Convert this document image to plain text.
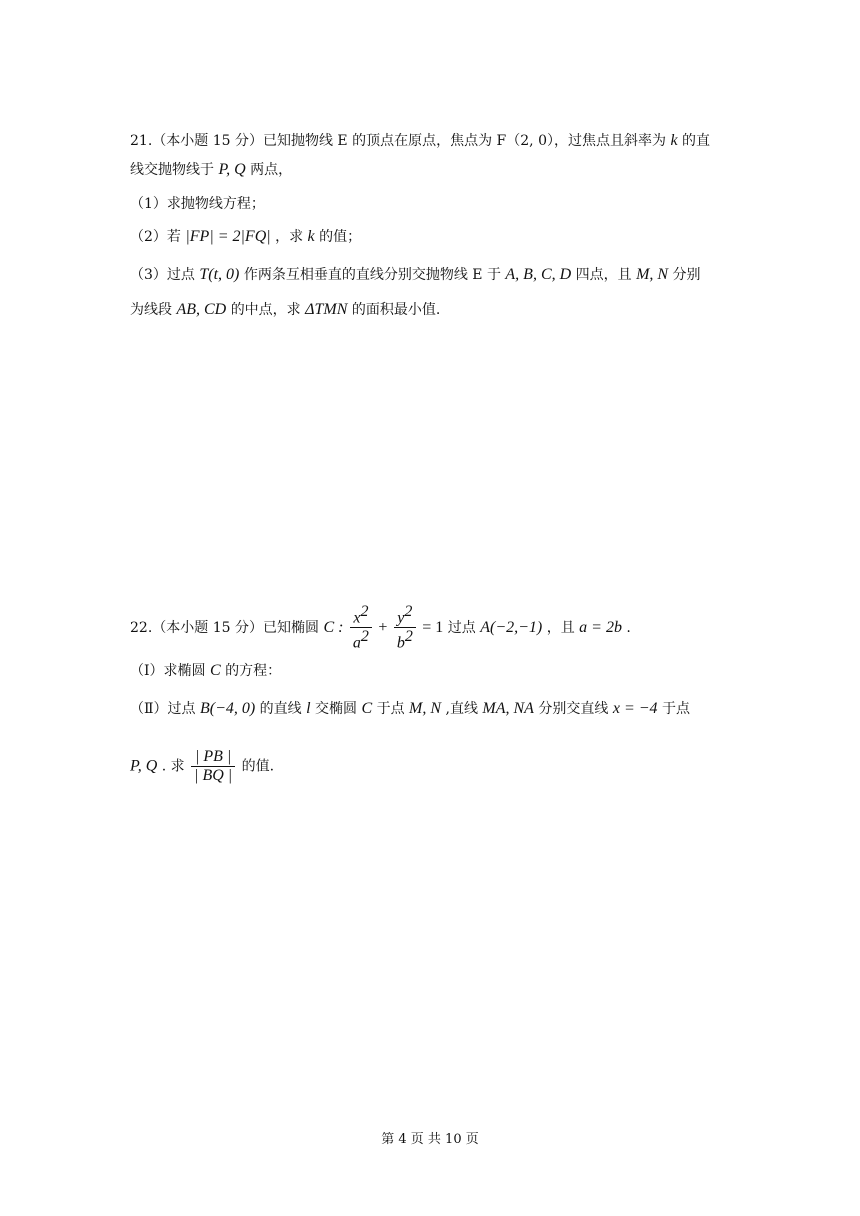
21.（本小题 15 分）已知抛物线 E 的顶点在原点，焦点为 F（2, 0），过焦点且斜率为 k 的直
线交抛物线于 P, Q 两点，
（1）求抛物线方程；
（2）若 |FP| = 2|FQ| ，求 k 的值；
（3）过点 T(t, 0) 作两条互相垂直的直线分别交抛物线 E 于 A, B, C, D 四点，且 M, N 分别
为线段 AB, CD 的中点，求 ΔTMN 的面积最小值.
22.（本小题 15 分）已知椭圆 C : $\frac{x^2}{a^2} + \frac{y^2}{b^2} = 1$ 过点 A(−2,−1) ，且 a = 2b .
（Ⅰ）求椭圆 C 的方程：
（Ⅱ）过点 B(−4, 0) 的直线 l 交椭圆 C 于点 M, N ,直线 MA, NA 分别交直线 x = −4 于点
P, Q . 求 $\frac{| PB |}{| BQ |}$ 的值.
第 4 页 共 10 页
